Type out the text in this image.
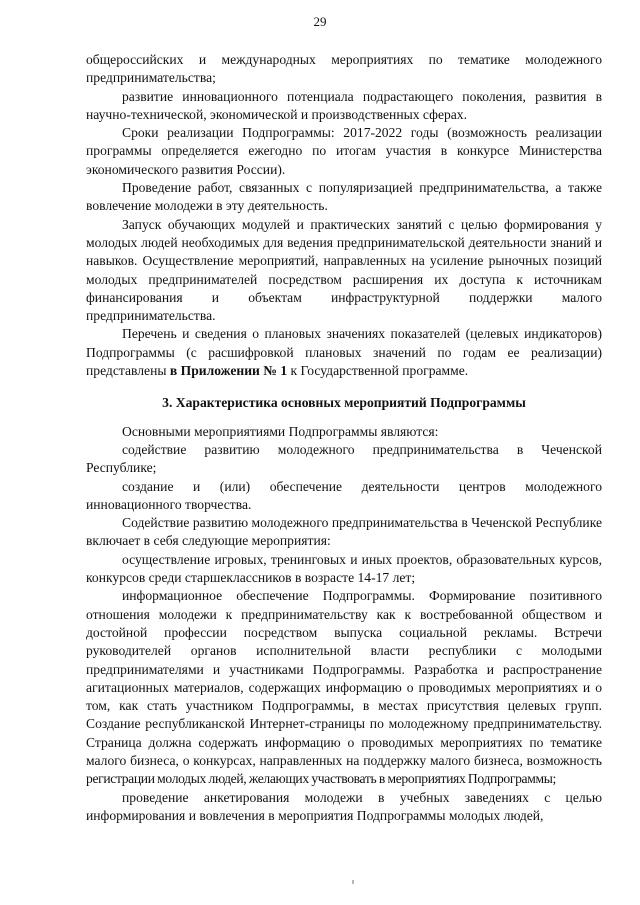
29

общероссийских и международных мероприятиях по тематике молодежного предпринимательства;

развитие инновационного потенциала подрастающего поколения, развития в научно-технической, экономической и производственных сферах.

Сроки реализации Подпрограммы: 2017-2022 годы (возможность реализации программы определяется ежегодно по итогам участия в конкурсе Министерства экономического развития России).

Проведение работ, связанных с популяризацией предпринимательства, а также вовлечение молодежи в эту деятельность.

Запуск обучающих модулей и практических занятий с целью формирования у молодых людей необходимых для ведения предпринимательской деятельности знаний и навыков. Осуществление мероприятий, направленных на усиление рыночных позиций молодых предпринимателей посредством расширения их доступа к источникам финансирования и объектам инфраструктурной поддержки малого предпринимательства.

Перечень и сведения о плановых значениях показателей (целевых индикаторов) Подпрограммы (с расшифровкой плановых значений по годам ее реализации) представлены в Приложении № 1 к Государственной программе.

3. Характеристика основных мероприятий Подпрограммы

Основными мероприятиями Подпрограммы являются:

содействие развитию молодежного предпринимательства в Чеченской Республике;

создание и (или) обеспечение деятельности центров молодежного инновационного творчества.

Содействие развитию молодежного предпринимательства в Чеченской Республике включает в себя следующие мероприятия:

осуществление игровых, тренинговых и иных проектов, образовательных курсов, конкурсов среди старшеклассников в возрасте 14-17 лет;

информационное обеспечение Подпрограммы. Формирование позитивного отношения молодежи к предпринимательству как к востребованной обществом и достойной профессии посредством выпуска социальной рекламы. Встречи руководителей органов исполнительной власти республики с молодыми предпринимателями и участниками Подпрограммы. Разработка и распространение агитационных материалов, содержащих информацию о проводимых мероприятиях и о том, как стать участником Подпрограммы, в местах присутствия целевых групп. Создание республиканской Интернет-страницы по молодежному предпринимательству. Страница должна содержать информацию о проводимых мероприятиях по тематике малого бизнеса, о конкурсах, направленных на поддержку малого бизнеса, возможность регистрации молодых людей, желающих участвовать в мероприятиях Подпрограммы;

проведение анкетирования молодежи в учебных заведениях с целью информирования и вовлечения в мероприятия Подпрограммы молодых людей,
